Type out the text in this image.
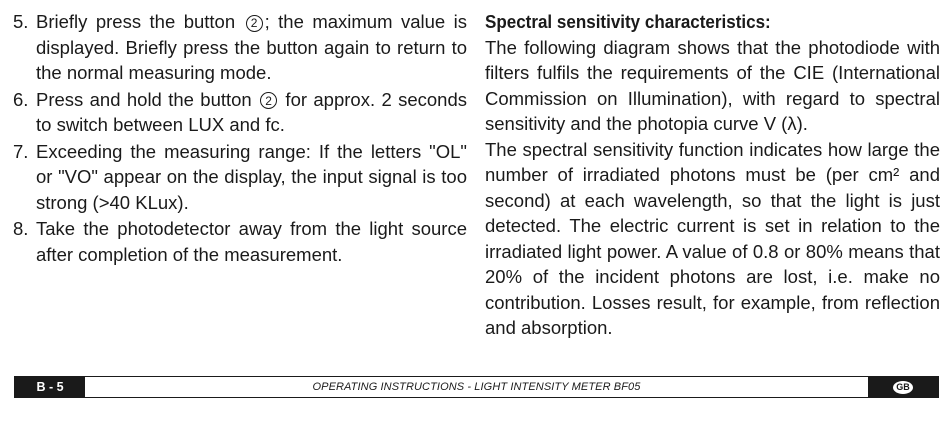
5. Briefly press the button 2 ; the maximum value is displayed. Briefly press the button again to return to the normal measuring mode.
6. Press and hold the button 2 for approx. 2 seconds to switch between LUX and fc.
7. Exceeding the measuring range: If the letters "OL" or "VO" appear on the display, the input signal is too strong (>40 KLux).
8. Take the photodetector away from the light source after completion of the measurement.
Spectral sensitivity characteristics:

The following diagram shows that the photodiode with filters fulfils the requirements of the CIE (International Commission on Illumination), with regard to spectral sensitivity and the photopia curve V (λ).

The spectral sensitivity function indicates how large the number of irradiated photons must be (per cm² and second) at each wavelength, so that the light is just detected. The electric current is set in relation to the irradiated light power. A value of 0.8 or 80% means that 20% of the incident photons are lost, i.e. make no contribution. Losses result, for example, from reflection and absorption.

B - 5	OPERATING INSTRUCTIONS - LIGHT INTENSITY METER BF05	GB
